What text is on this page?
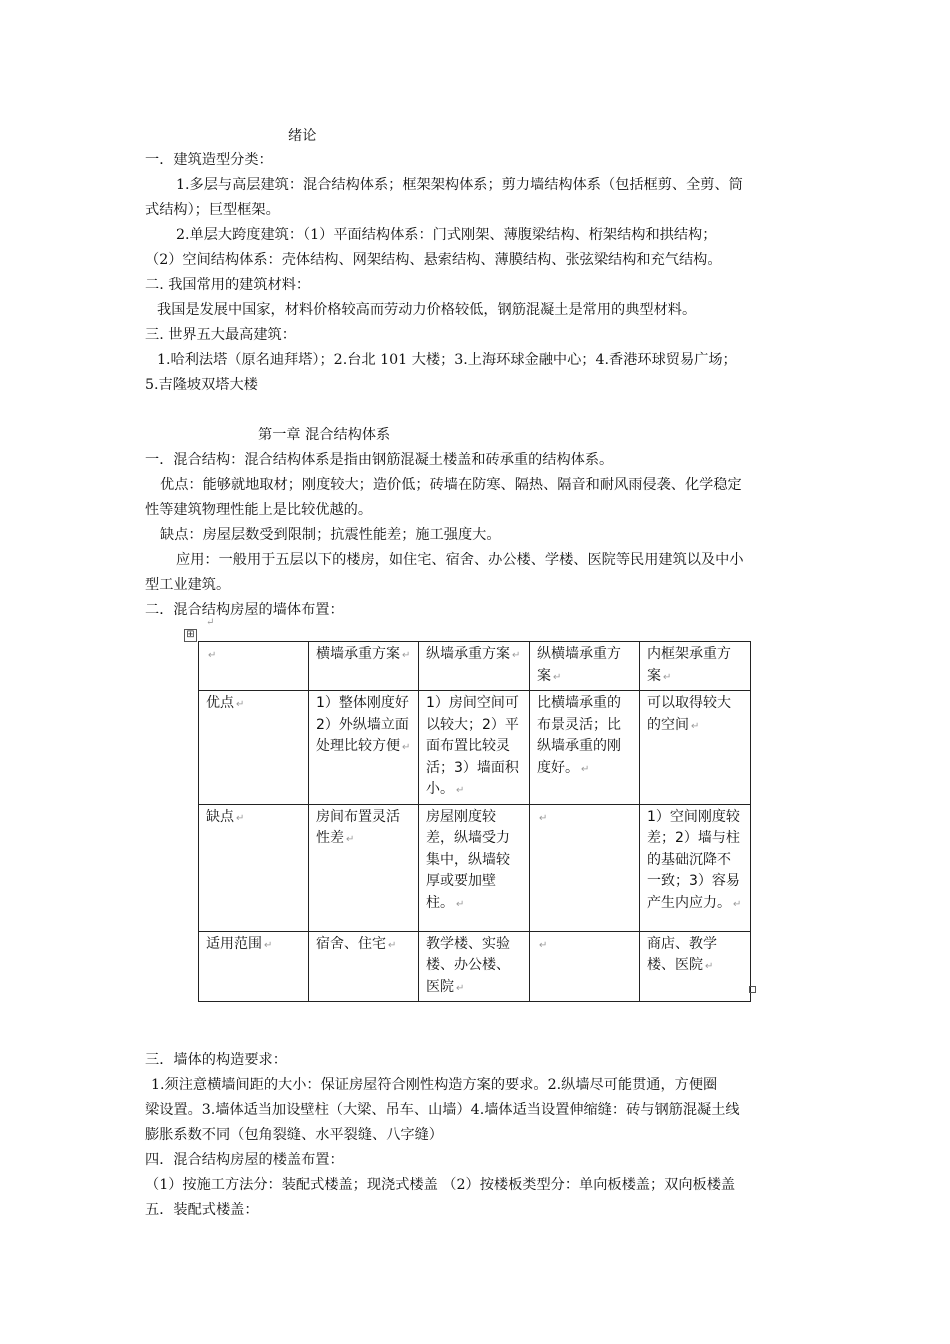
绪论
一．建筑造型分类：
1.多层与高层建筑：混合结构体系；框架架构体系；剪力墙结构体系（包括框剪、全剪、筒
式结构）；巨型框架。
2.单层大跨度建筑：（1）平面结构体系：门式刚架、薄腹梁结构、桁架结构和拱结构；
（2）空间结构体系：壳体结构、网架结构、悬索结构、薄膜结构、张弦梁结构和充气结构。
二. 我国常用的建筑材料：
我国是发展中国家，材料价格较高而劳动力价格较低，钢筋混凝土是常用的典型材料。
三. 世界五大最高建筑：
1.哈利法塔（原名迪拜塔）；2.台北 101 大楼；3.上海环球金融中心；4.香港环球贸易广场；
5.吉隆坡双塔大楼
第一章 混合结构体系
一．混合结构：混合结构体系是指由钢筋混凝土楼盖和砖承重的结构体系。
优点：能够就地取材；刚度较大；造价低；砖墙在防寒、隔热、隔音和耐风雨侵袭、化学稳定
性等建筑物理性能上是比较优越的。
缺点：房屋层数受到限制；抗震性能差；施工强度大。
应用：一般用于五层以下的楼房，如住宅、宿舍、办公楼、学楼、医院等民用建筑以及中小
型工业建筑。
二．混合结构房屋的墙体布置：
⊞
↵
↵	横墙承重方案 ↵	纵墙承重方案 ↵	纵横墙承重方案 ↵	内框架承重方案 ↵
优点 ↵	1）整体刚度好
2）外纵墙立面处理比较方便 ↵	1）房间空间可以较大；2）平面布置比较灵活；3）墙面积小。 ↵	比横墙承重的布景灵活；比纵墙承重的刚度好。 ↵	可以取得较大的空间 ↵
缺点 ↵	房间布置灵活性差 ↵	房屋刚度较差，纵墙受力集中，纵墙较厚或要加壁柱。 ↵	↵	1）空间刚度较差；2）墙与柱的基础沉降不一致；3）容易产生内应力。 ↵
适用范围 ↵	宿舍、住宅 ↵	教学楼、实验楼、办公楼、医院 ↵	↵	商店、教学楼、医院 ↵
三．墙体的构造要求：
1.须注意横墙间距的大小：保证房屋符合刚性构造方案的要求。2.纵墙尽可能贯通，方便圈
梁设置。3.墙体适当加设壁柱（大梁、吊车、山墙）4.墙体适当设置伸缩缝：砖与钢筋混凝土线
膨胀系数不同（包角裂缝、水平裂缝、八字缝）
四．混合结构房屋的楼盖布置：
（1）按施工方法分：装配式楼盖；现浇式楼盖 （2）按楼板类型分：单向板楼盖；双向板楼盖
五．装配式楼盖：
